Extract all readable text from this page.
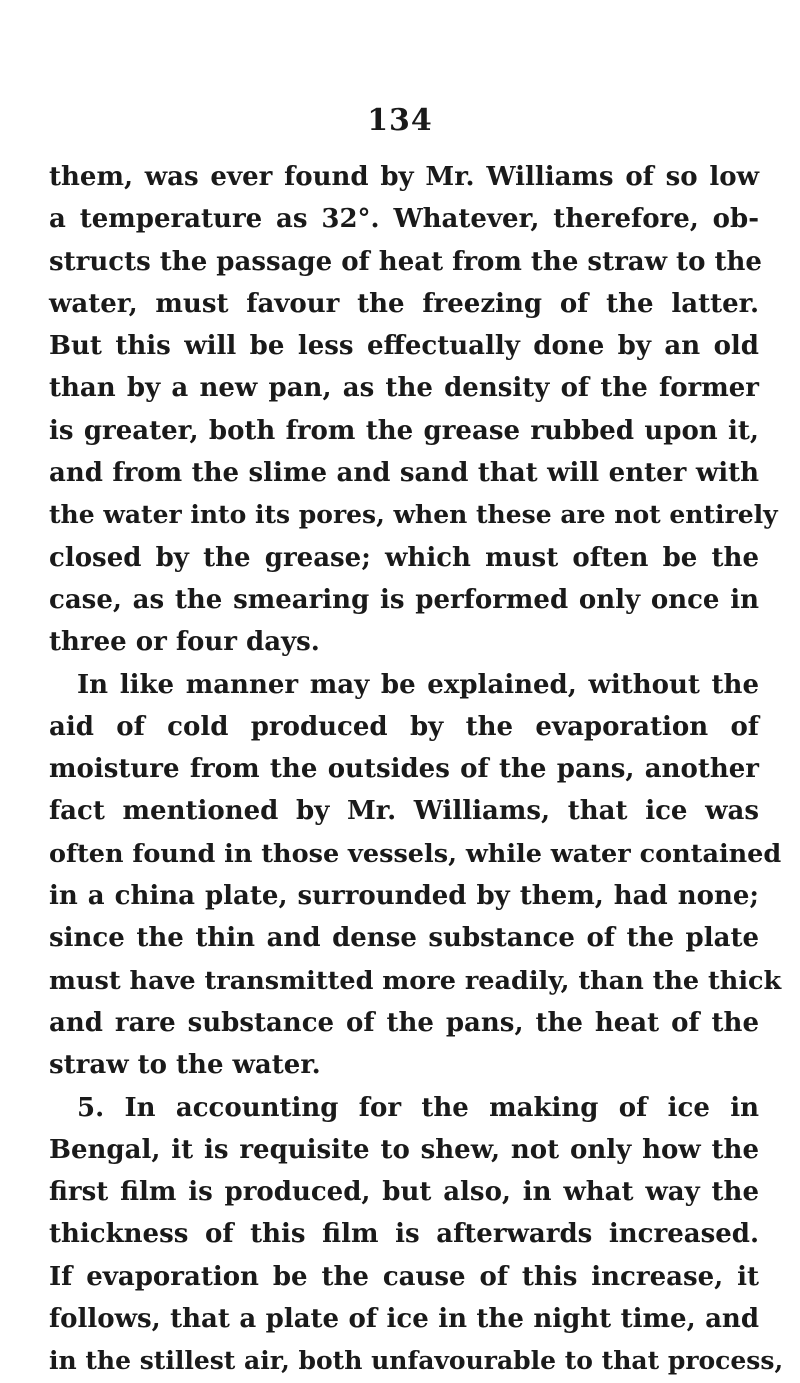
134
them, was ever found by Mr. Williams of so low
a temperature as 32°. Whatever, therefore, ob-
structs the passage of heat from the straw to the
water, must favour the freezing of the latter.
But this will be less effectually done by an old
than by a new pan, as the density of the former
is greater, both from the grease rubbed upon it,
and from the slime and sand that will enter with
the water into its pores, when these are not entirely
closed by the grease; which must often be the
case, as the smearing is performed only once in
three or four days.
In like manner may be explained, without the
aid of cold produced by the evaporation of
moisture from the outsides of the pans, another
fact mentioned by Mr. Williams, that ice was
often found in those vessels, while water contained
in a china plate, surrounded by them, had none;
since the thin and dense substance of the plate
must have transmitted more readily, than the thick
and rare substance of the pans, the heat of the
straw to the water.
5. In accounting for the making of ice in
Bengal, it is requisite to shew, not only how the
first film is produced, but also, in what way the
thickness of this film is afterwards increased.
If evaporation be the cause of this increase, it
follows, that a plate of ice in the night time, and
in the stillest air, both unfavourable to that process,
